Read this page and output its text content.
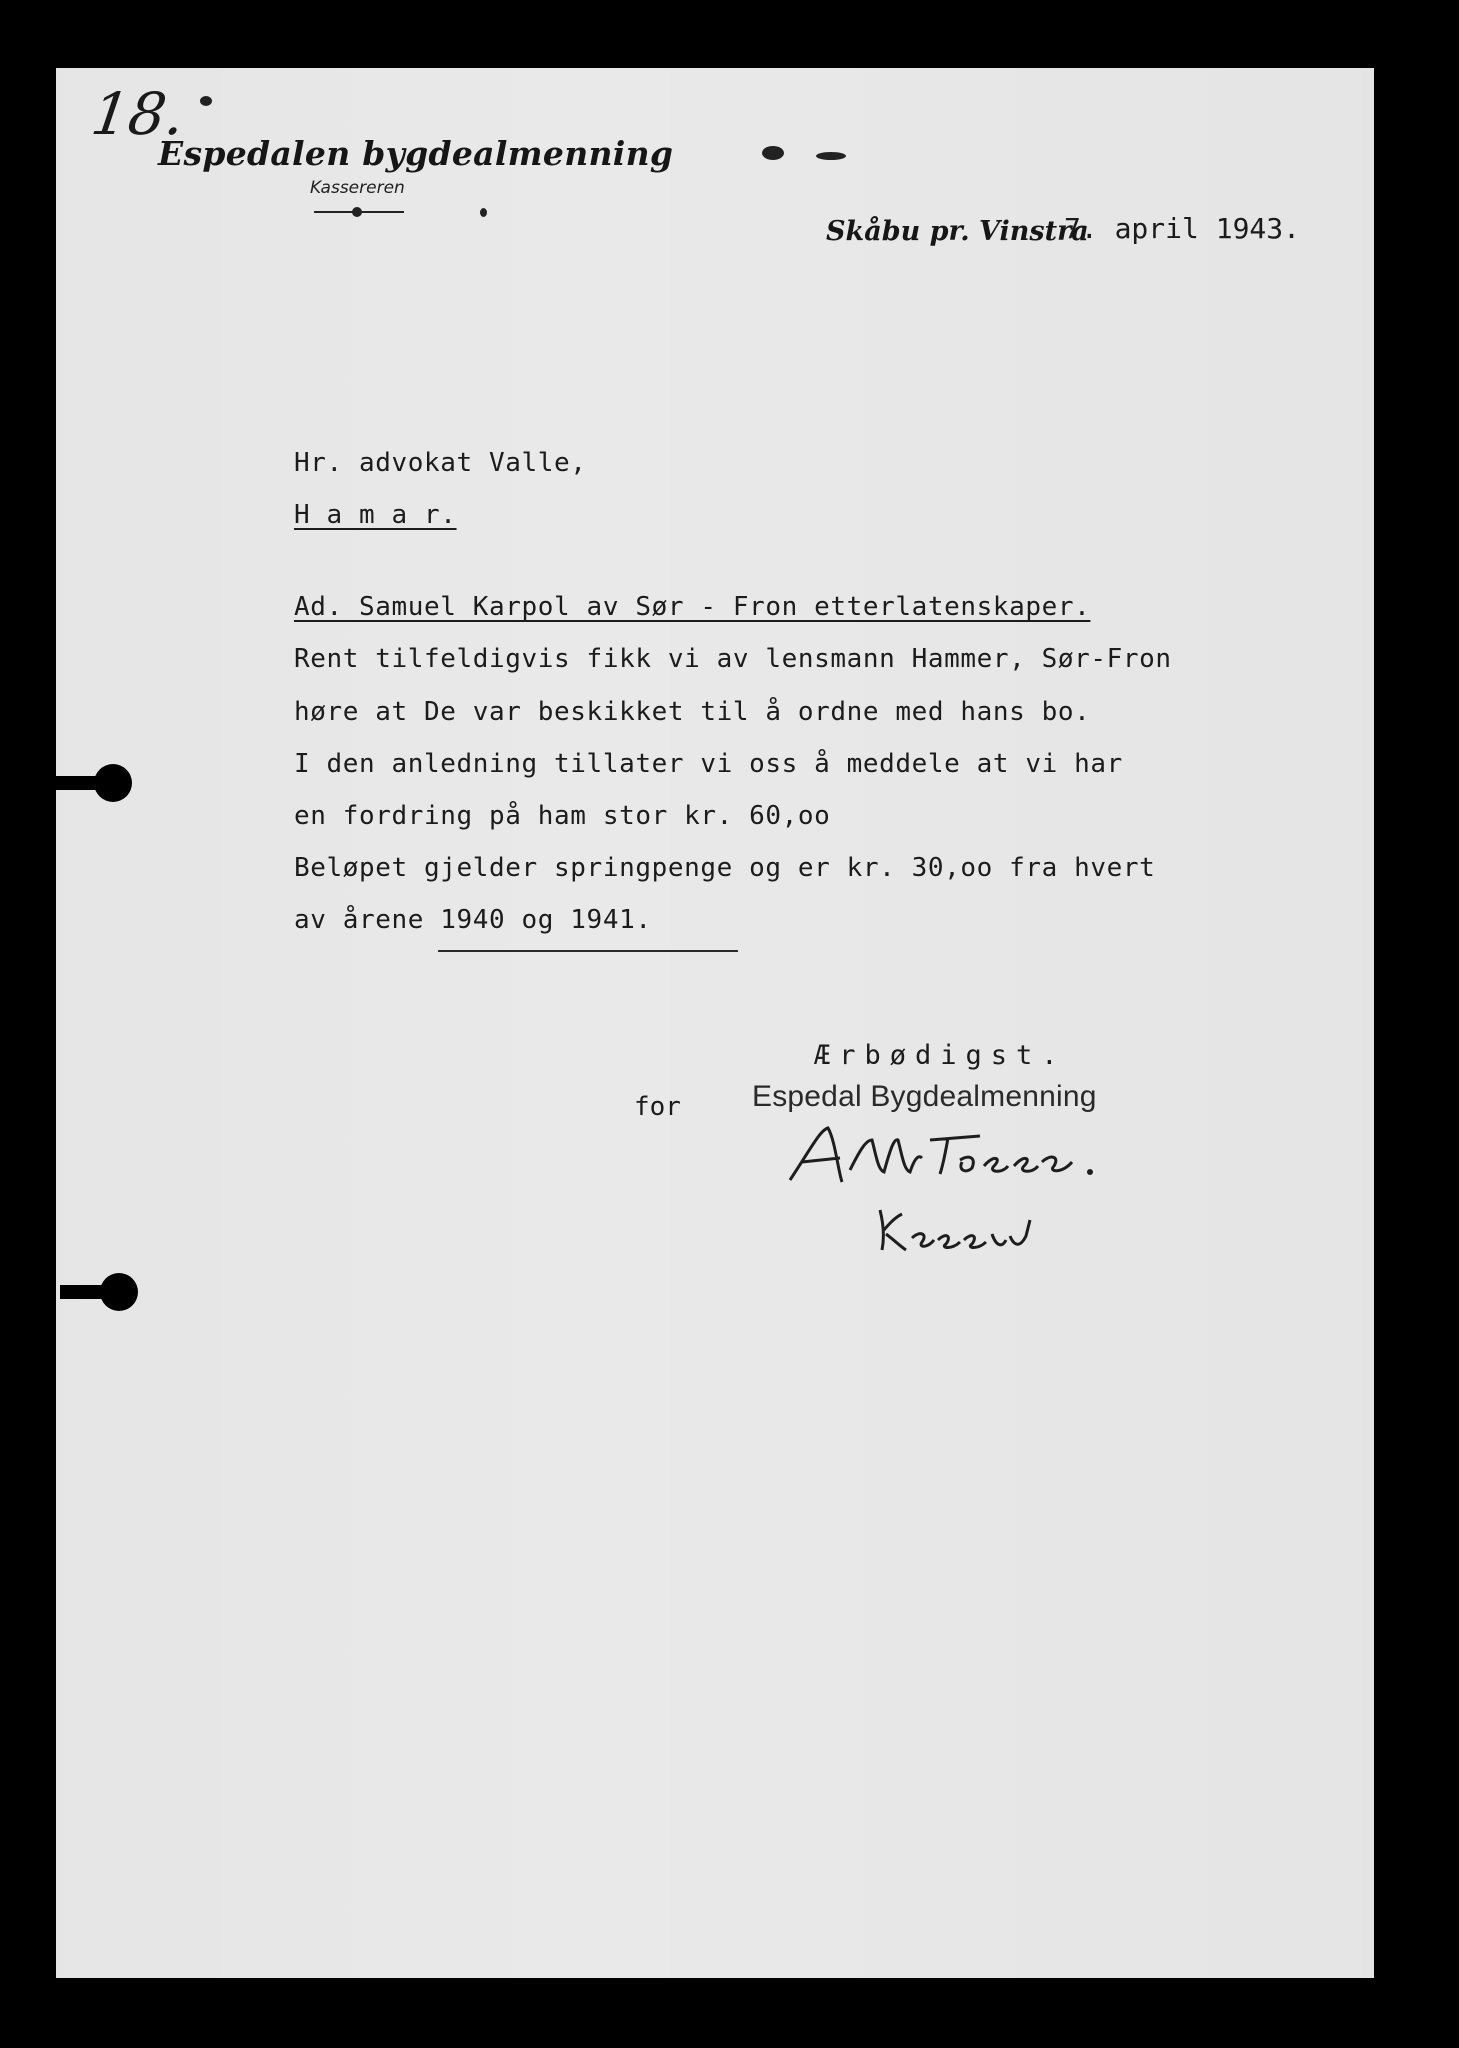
18.
Espedalen bygdealmenning
Kassereren
Skåbu pr. Vinstra
7. april 1943.
Hr. advokat Valle,
H a m a r.
Ad. Samuel Karpol av Sør - Fron etterlatenskaper.
Rent tilfeldigvis fikk vi av lensmann Hammer, Sør-Fron
høre at De var beskikket til å ordne med hans bo.
I den anledning tillater vi oss å meddele at vi har
en fordring på ham stor kr. 60,oo
Beløpet gjelder springpenge og er kr. 30,oo fra hvert
av årene 1940 og 1941.
Ærbødigst.
for Espedal Bygdealmenning
